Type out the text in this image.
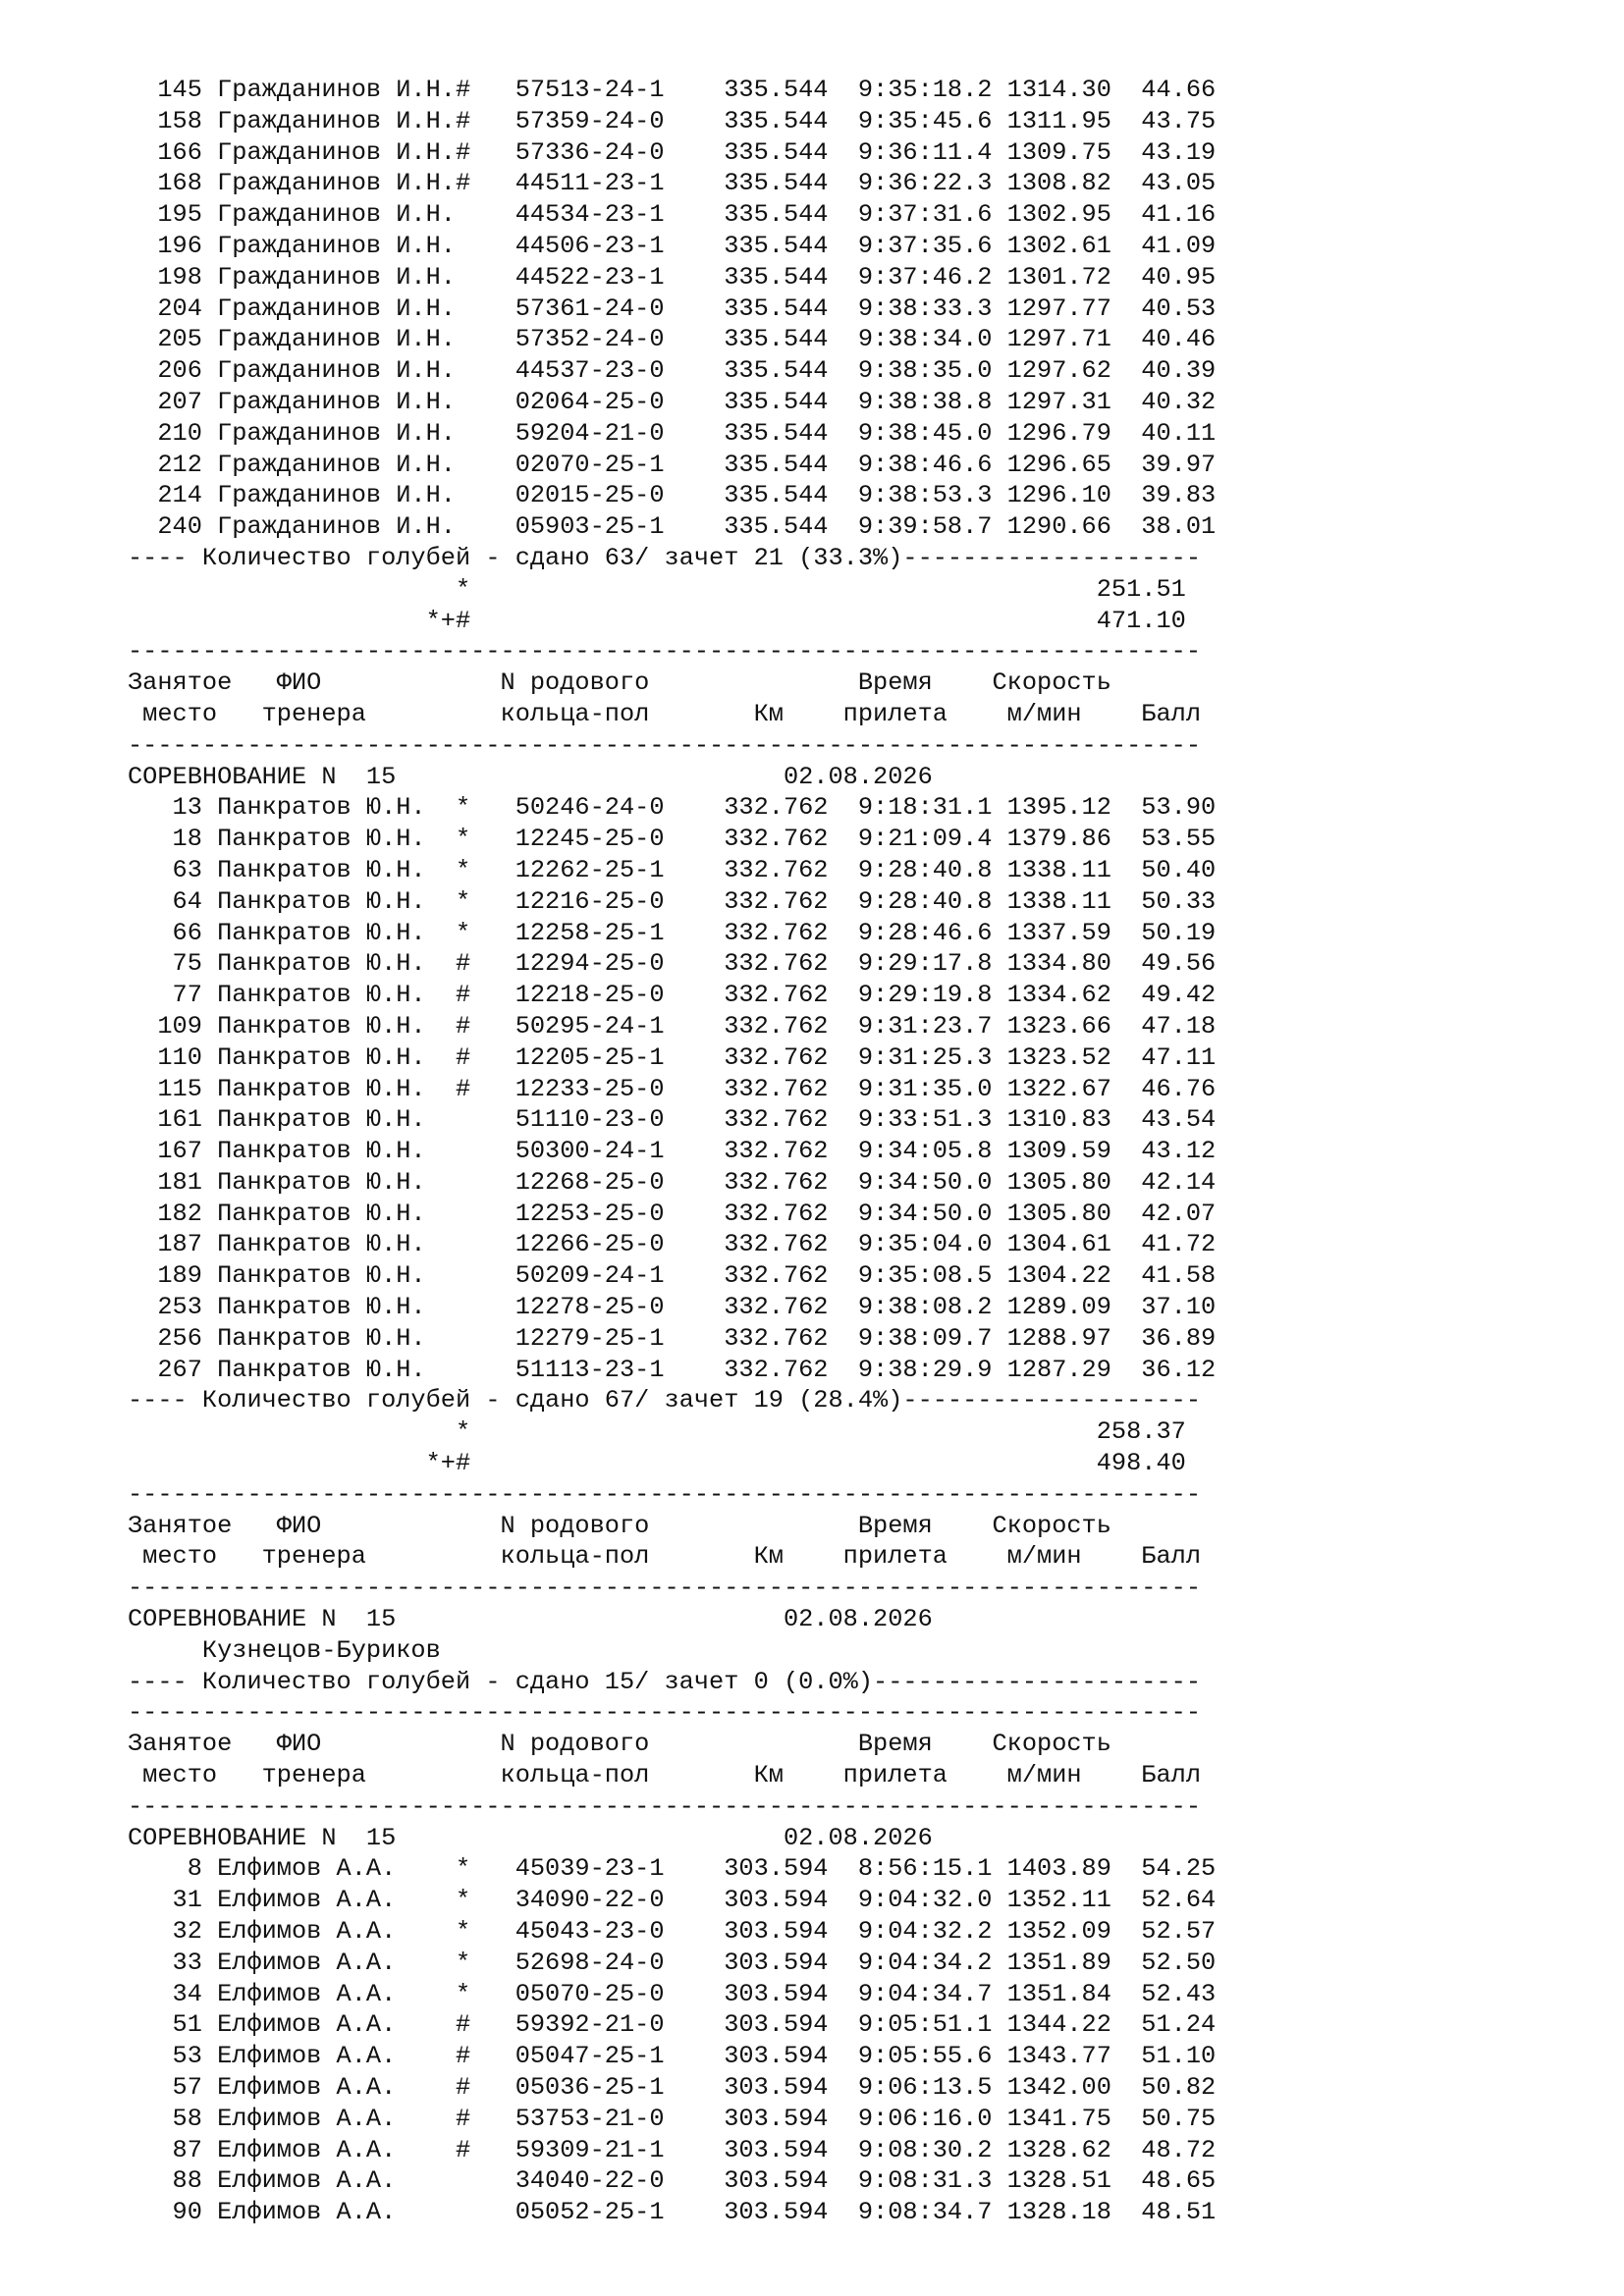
145 Гражданинов И.Н.#   57513-24-1    335.544  9:35:18.2 1314.30  44.66
158 Гражданинов И.Н.#   57359-24-0    335.544  9:35:45.6 1311.95  43.75
166 Гражданинов И.Н.#   57336-24-0    335.544  9:36:11.4 1309.75  43.19
168 Гражданинов И.Н.#   44511-23-1    335.544  9:36:22.3 1308.82  43.05
195 Гражданинов И.Н.    44534-23-1    335.544  9:37:31.6 1302.95  41.16
196 Гражданинов И.Н.    44506-23-1    335.544  9:37:35.6 1302.61  41.09
198 Гражданинов И.Н.    44522-23-1    335.544  9:37:46.2 1301.72  40.95
204 Гражданинов И.Н.    57361-24-0    335.544  9:38:33.3 1297.77  40.53
205 Гражданинов И.Н.    57352-24-0    335.544  9:38:34.0 1297.71  40.46
206 Гражданинов И.Н.    44537-23-0    335.544  9:38:35.0 1297.62  40.39
207 Гражданинов И.Н.    02064-25-0    335.544  9:38:38.8 1297.31  40.32
210 Гражданинов И.Н.    59204-21-0    335.544  9:38:45.0 1296.79  40.11
212 Гражданинов И.Н.    02070-25-1    335.544  9:38:46.6 1296.65  39.97
214 Гражданинов И.Н.    02015-25-0    335.544  9:38:53.3 1296.10  39.83
240 Гражданинов И.Н.    05903-25-1    335.544  9:39:58.7 1290.66  38.01
---- Количество голубей - сдано 63/ зачет 21 (33.3%)--------------------
*                                          251.51
*+#                                          471.10
------------------------------------------------------------------------
Занятое   ФИО            N родового              Время    Скорость
место   тренера         кольца-пол       Км    прилета    м/мин    Балл
------------------------------------------------------------------------
СОРЕВНОВАНИЕ N  15                          02.08.2026
13 Панкратов Ю.Н.  *   50246-24-0    332.762  9:18:31.1 1395.12  53.90
18 Панкратов Ю.Н.  *   12245-25-0    332.762  9:21:09.4 1379.86  53.55
63 Панкратов Ю.Н.  *   12262-25-1    332.762  9:28:40.8 1338.11  50.40
64 Панкратов Ю.Н.  *   12216-25-0    332.762  9:28:40.8 1338.11  50.33
66 Панкратов Ю.Н.  *   12258-25-1    332.762  9:28:46.6 1337.59  50.19
75 Панкратов Ю.Н.  #   12294-25-0    332.762  9:29:17.8 1334.80  49.56
77 Панкратов Ю.Н.  #   12218-25-0    332.762  9:29:19.8 1334.62  49.42
109 Панкратов Ю.Н.  #   50295-24-1    332.762  9:31:23.7 1323.66  47.18
110 Панкратов Ю.Н.  #   12205-25-1    332.762  9:31:25.3 1323.52  47.11
115 Панкратов Ю.Н.  #   12233-25-0    332.762  9:31:35.0 1322.67  46.76
161 Панкратов Ю.Н.      51110-23-0    332.762  9:33:51.3 1310.83  43.54
167 Панкратов Ю.Н.      50300-24-1    332.762  9:34:05.8 1309.59  43.12
181 Панкратов Ю.Н.      12268-25-0    332.762  9:34:50.0 1305.80  42.14
182 Панкратов Ю.Н.      12253-25-0    332.762  9:34:50.0 1305.80  42.07
187 Панкратов Ю.Н.      12266-25-0    332.762  9:35:04.0 1304.61  41.72
189 Панкратов Ю.Н.      50209-24-1    332.762  9:35:08.5 1304.22  41.58
253 Панкратов Ю.Н.      12278-25-0    332.762  9:38:08.2 1289.09  37.10
256 Панкратов Ю.Н.      12279-25-1    332.762  9:38:09.7 1288.97  36.89
267 Панкратов Ю.Н.      51113-23-1    332.762  9:38:29.9 1287.29  36.12
---- Количество голубей - сдано 67/ зачет 19 (28.4%)--------------------
*                                          258.37
*+#                                          498.40
------------------------------------------------------------------------
Занятое   ФИО            N родового              Время    Скорость
место   тренера         кольца-пол       Км    прилета    м/мин    Балл
------------------------------------------------------------------------
СОРЕВНОВАНИЕ N  15                          02.08.2026
Кузнецов-Буриков
---- Количество голубей - сдано 15/ зачет 0 (0.0%)----------------------
------------------------------------------------------------------------
Занятое   ФИО            N родового              Время    Скорость
место   тренера         кольца-пол       Км    прилета    м/мин    Балл
------------------------------------------------------------------------
СОРЕВНОВАНИЕ N  15                          02.08.2026
8 Елфимов А.А.    *   45039-23-1    303.594  8:56:15.1 1403.89  54.25
31 Елфимов А.А.    *   34090-22-0    303.594  9:04:32.0 1352.11  52.64
32 Елфимов А.А.    *   45043-23-0    303.594  9:04:32.2 1352.09  52.57
33 Елфимов А.А.    *   52698-24-0    303.594  9:04:34.2 1351.89  52.50
34 Елфимов А.А.    *   05070-25-0    303.594  9:04:34.7 1351.84  52.43
51 Елфимов А.А.    #   59392-21-0    303.594  9:05:51.1 1344.22  51.24
53 Елфимов А.А.    #   05047-25-1    303.594  9:05:55.6 1343.77  51.10
57 Елфимов А.А.    #   05036-25-1    303.594  9:06:13.5 1342.00  50.82
58 Елфимов А.А.    #   53753-21-0    303.594  9:06:16.0 1341.75  50.75
87 Елфимов А.А.    #   59309-21-1    303.594  9:08:30.2 1328.62  48.72
88 Елфимов А.А.        34040-22-0    303.594  9:08:31.3 1328.51  48.65
90 Елфимов А.А.        05052-25-1    303.594  9:08:34.7 1328.18  48.51
